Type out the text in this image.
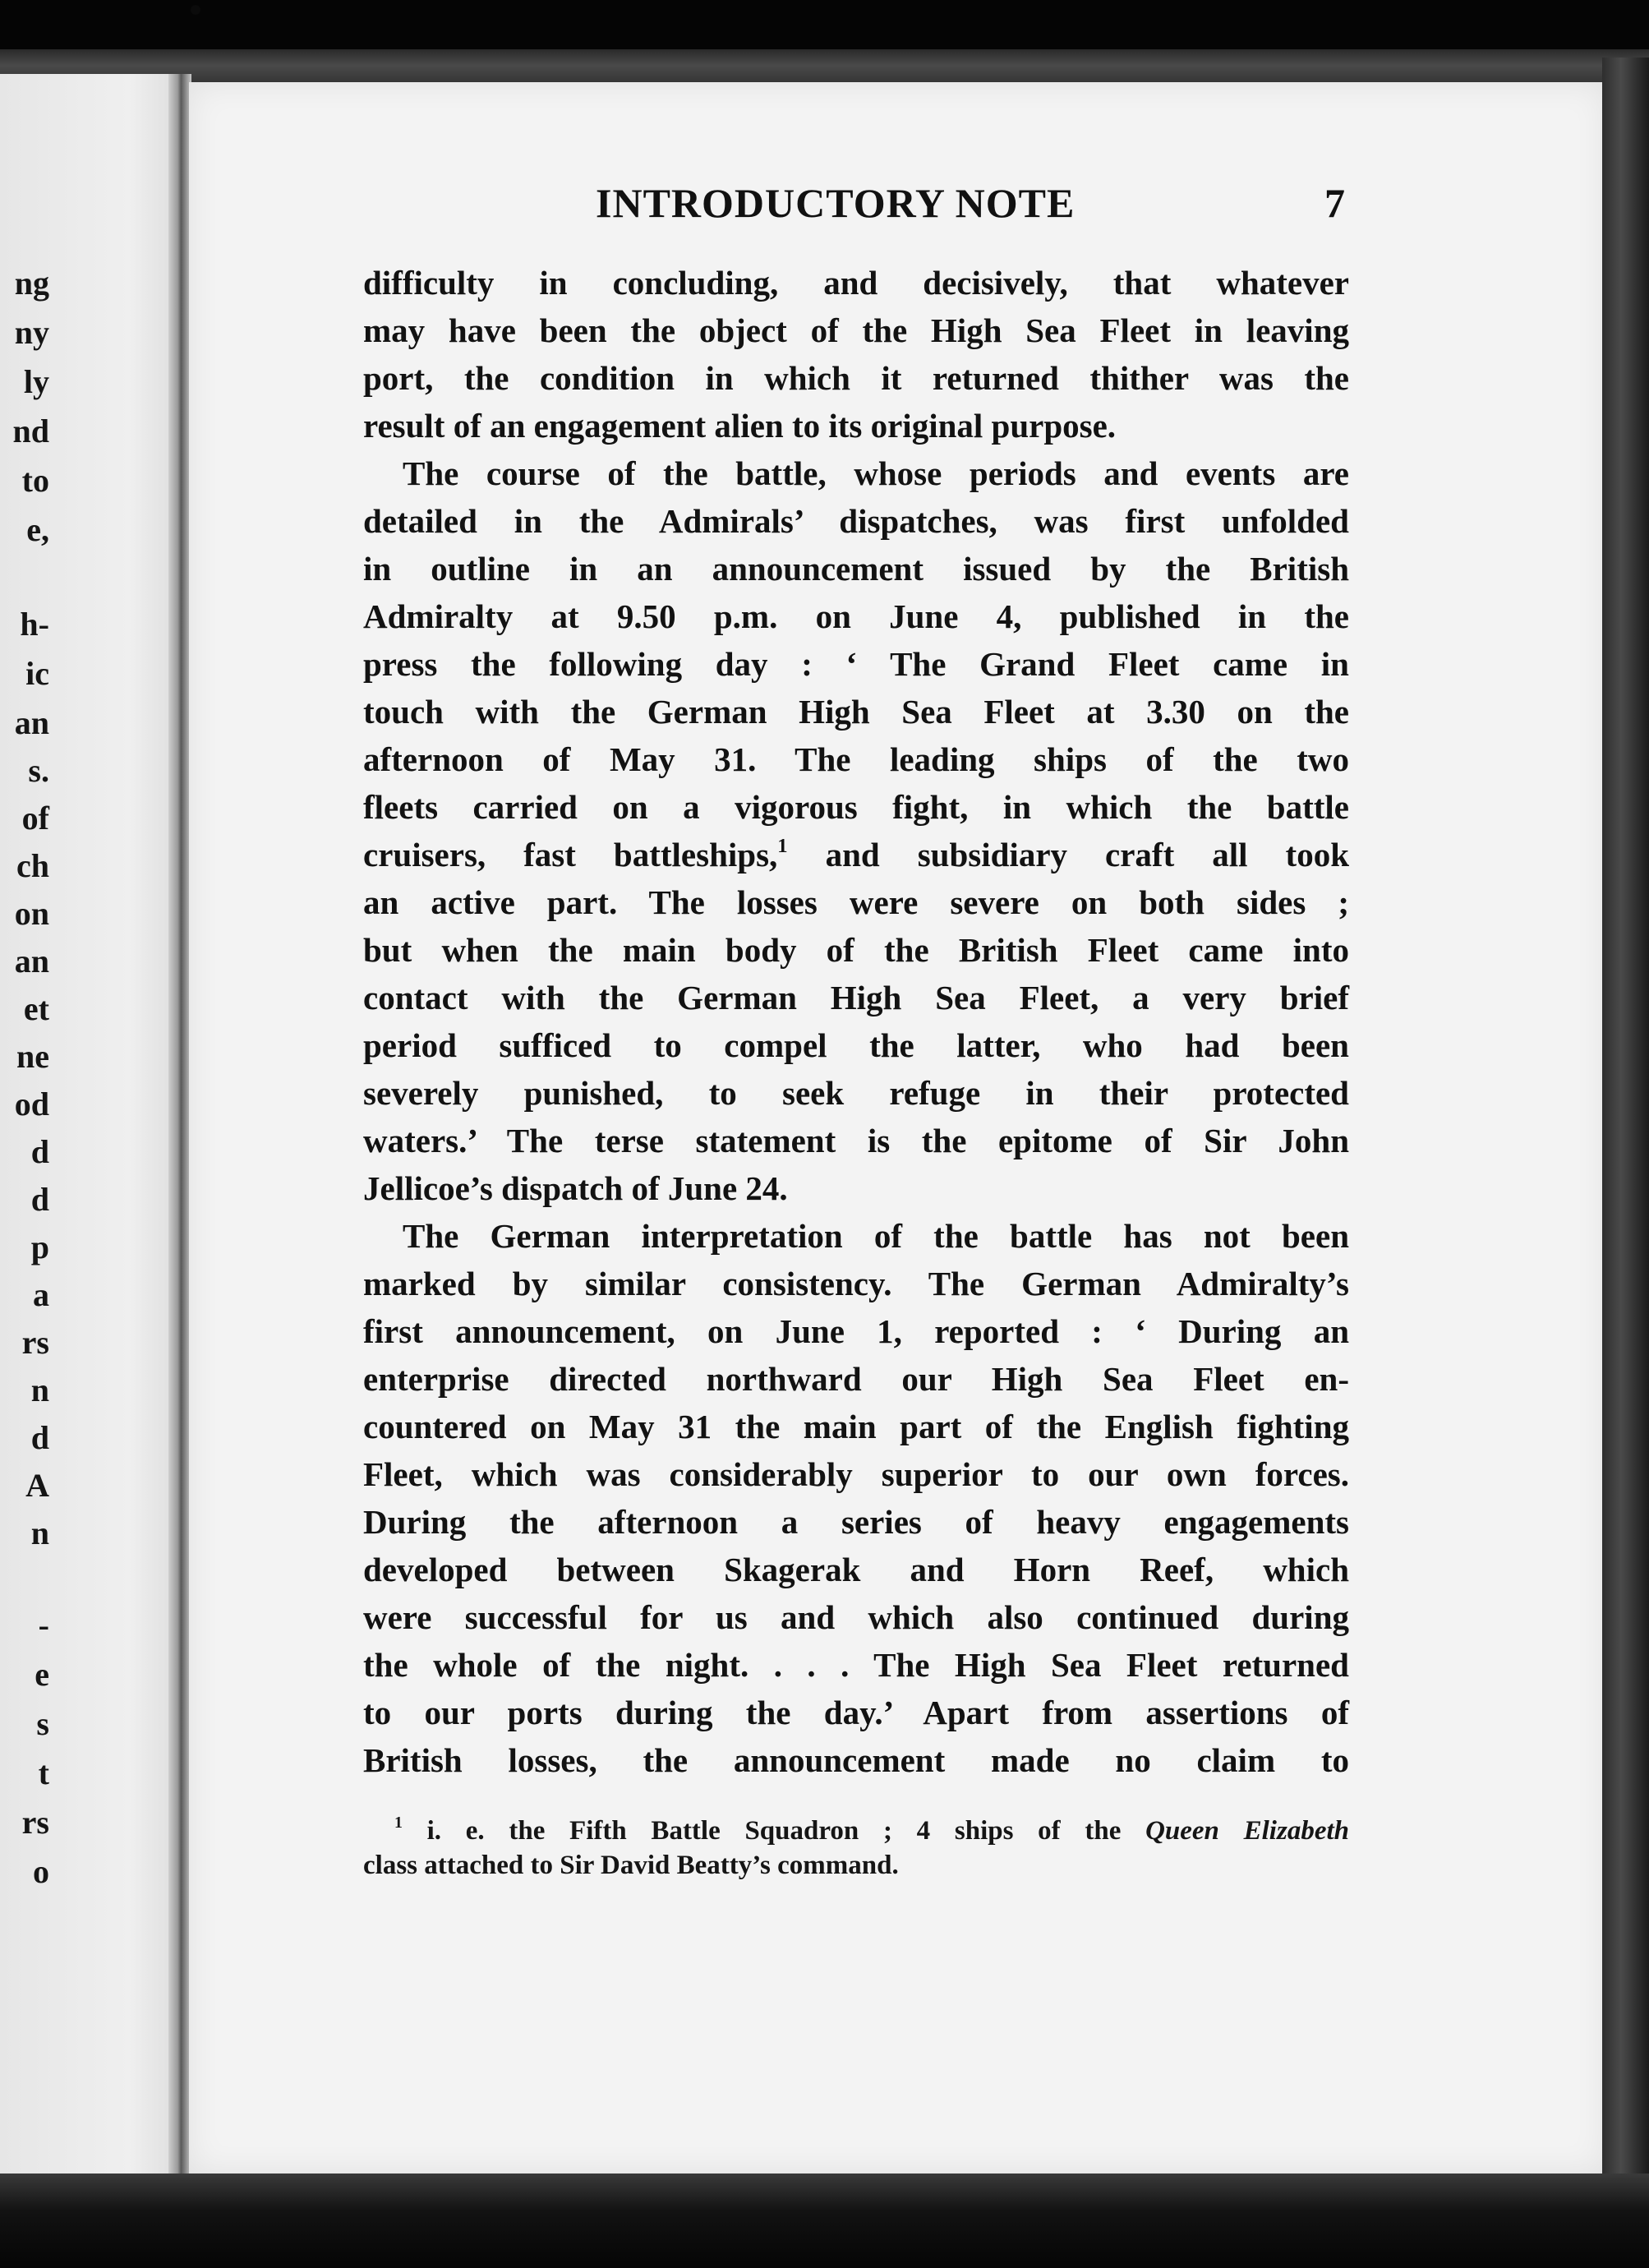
ng
ny
ly
nd
to
e,
h-
ic
an
s.
of
ch
on
an
et
ne
od
d
d
p
a
rs
n
d
A
n
-
e
s
t
rs
o
INTRODUCTORY NOTE	7
difficulty in concluding, and decisively, that whatever
may have been the object of the High Sea Fleet in leaving
port, the condition in which it returned thither was the
result of an engagement alien to its original purpose.
The course of the battle, whose periods and events are
detailed in the Admirals’ dispatches, was first unfolded
in outline in an announcement issued by the British
Admiralty at 9.50 p.m. on June 4, published in the
press the following day : ‘ The Grand Fleet came in
touch with the German High Sea Fleet at 3.30 on the
afternoon of May 31. The leading ships of the two
fleets carried on a vigorous fight, in which the battle
cruisers, fast battleships,$^1$ and subsidiary craft all took
an active part. The losses were severe on both sides ;
but when the main body of the British Fleet came into
contact with the German High Sea Fleet, a very brief
period sufficed to compel the latter, who had been
severely punished, to seek refuge in their protected
waters.’ The terse statement is the epitome of Sir John
Jellicoe’s dispatch of June 24.
The German interpretation of the battle has not been
marked by similar consistency. The German Admiralty’s
first announcement, on June 1, reported : ‘ During an
enterprise directed northward our High Sea Fleet en-
countered on May 31 the main part of the English fighting
Fleet, which was considerably superior to our own forces.
During the afternoon a series of heavy engagements
developed between Skagerak and Horn Reef, which
were successful for us and which also continued during
the whole of the night. . . . The High Sea Fleet returned
to our ports during the day.’ Apart from assertions of
British losses, the announcement made no claim to
$^1$ i. e. the Fifth Battle Squadron ; 4 ships of the Queen Elizabeth
class attached to Sir David Beatty’s command.
